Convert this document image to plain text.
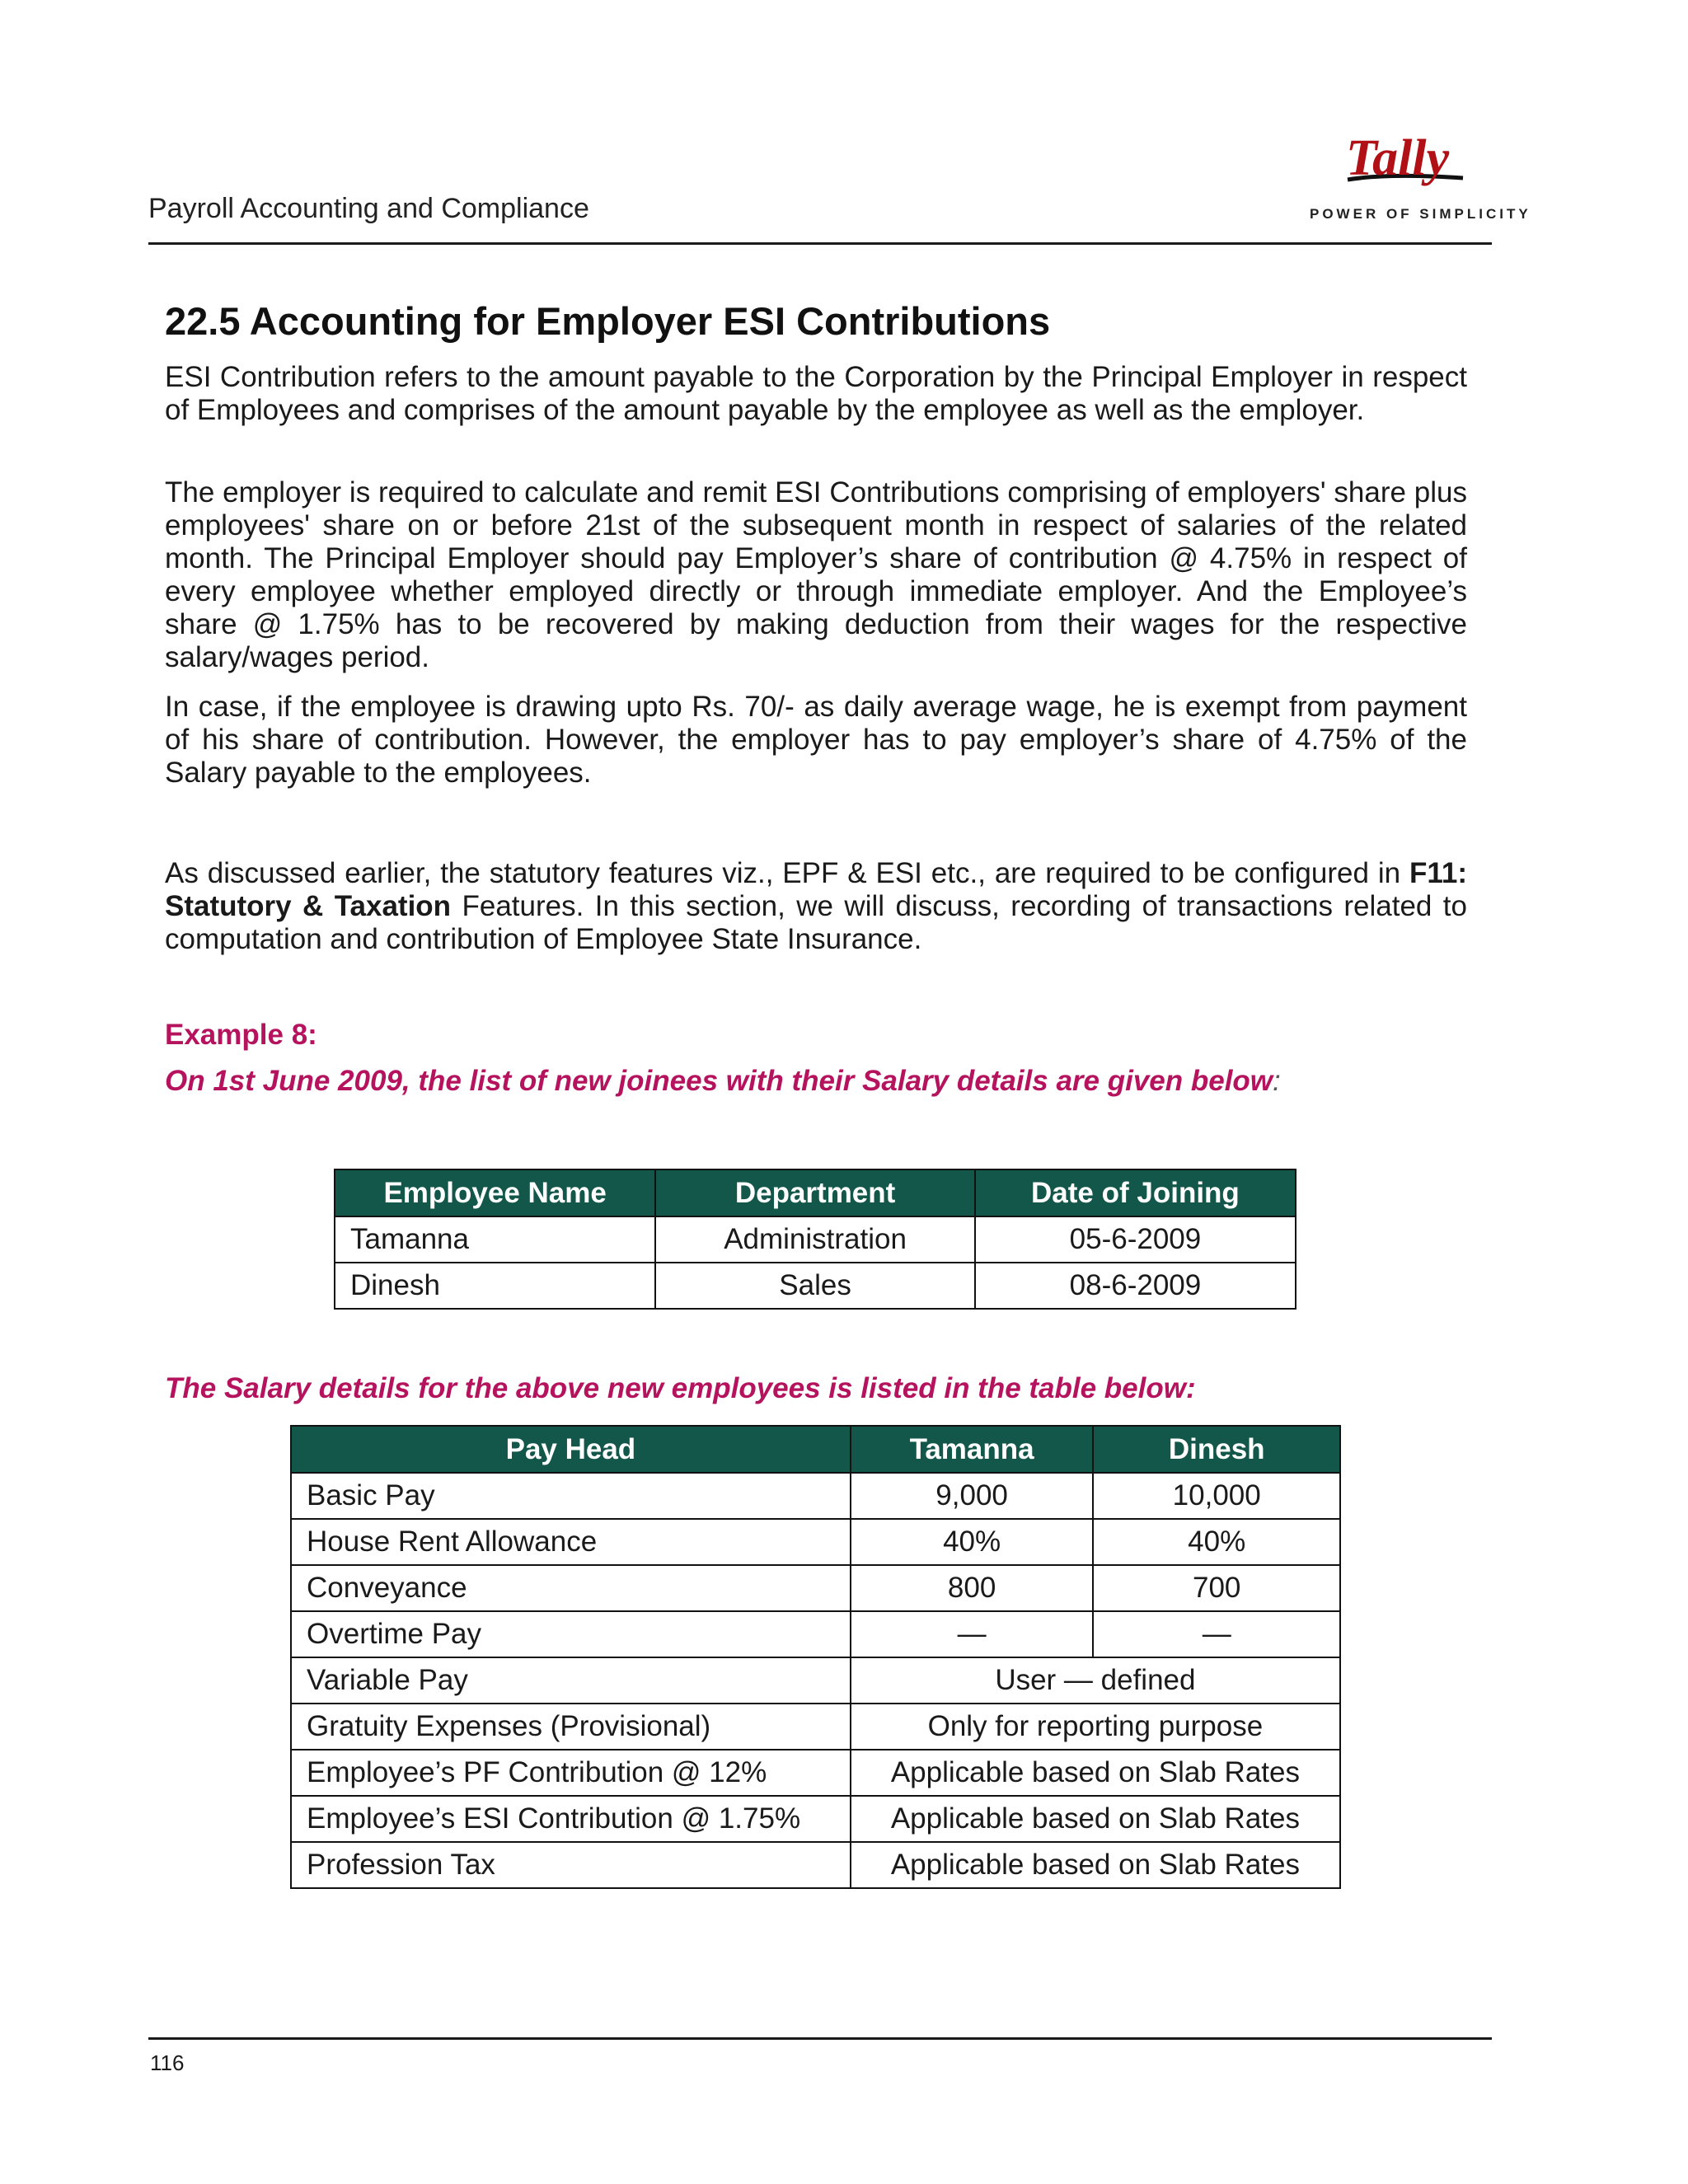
Payroll Accounting and Compliance
Tally
POWER OF SIMPLICITY
22.5 Accounting for Employer ESI Contributions

ESI Contribution refers to the amount payable to the Corporation by the Principal Employer in respect of Employees and comprises of the amount payable by the employee as well as the employer.

The employer is required to calculate and remit ESI Contributions comprising of employers' share plus employees' share on or before 21st of the subsequent month in respect of salaries of the related month. The Principal Employer should pay Employer’s share of contribution @ 4.75% in respect of every employee whether employed directly or through immediate employer. And the Employee’s share @ 1.75% has to be recovered by making deduction from their wages for the respective salary/wages period.

In case, if the employee is drawing upto Rs. 70/- as daily average wage, he is exempt from payment of his share of contribution. However, the employer has to pay employer’s share of 4.75% of the Salary payable to the employees.

As discussed earlier, the statutory features viz., EPF & ESI etc., are required to be configured in F11: Statutory & Taxation Features. In this section, we will discuss, recording of transactions related to computation and contribution of Employee State Insurance.

Example 8:
On 1st June 2009, the list of new joinees with their Salary details are given below:
Employee Name	Department	Date of Joining
Tamanna	Administration	05-6-2009
Dinesh	Sales	08-6-2009
The Salary details for the above new employees is listed in the table below:
Pay Head	Tamanna	Dinesh
Basic Pay	9,000	10,000
House Rent Allowance	40%	40%
Conveyance	800	700
Overtime Pay	—	—
Variable Pay	User — defined	
Gratuity Expenses (Provisional)	Only for reporting purpose	
Employee’s PF Contribution @ 12%	Applicable based on Slab Rates	
Employee’s ESI Contribution @ 1.75%	Applicable based on Slab Rates	
Profession Tax	Applicable based on Slab Rates	
116
